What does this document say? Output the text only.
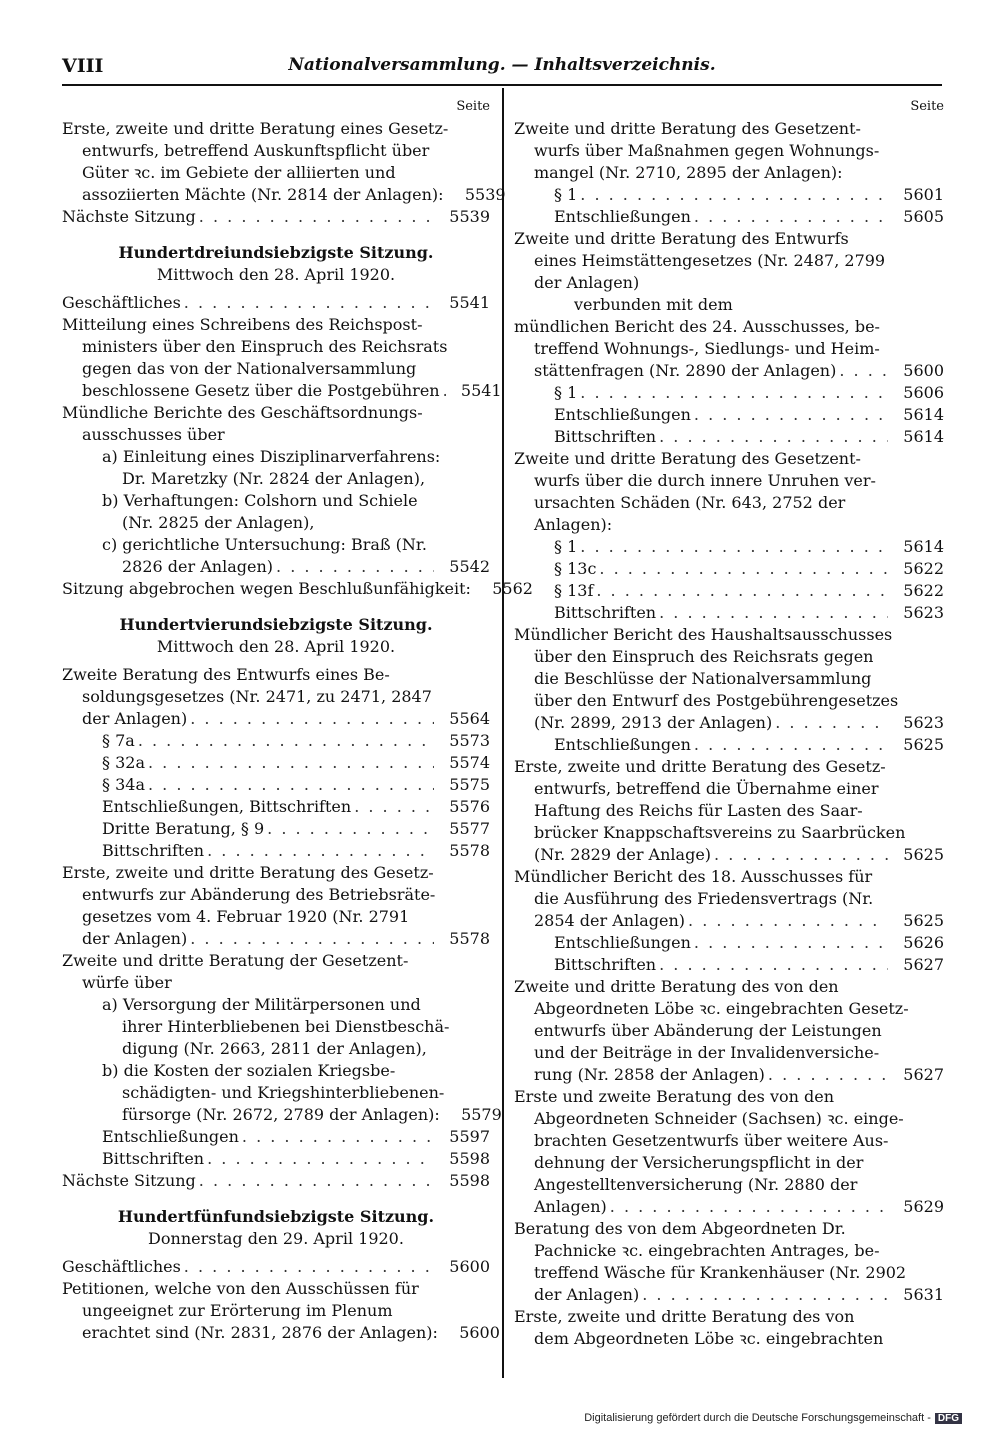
VIII	Nationalversammlung. — Inhaltsverzeichnis.
Seite
Erste, zweite und dritte Beratung eines Gesetz-
entwurfs, betreffend Auskunftspflicht über
Güter ꝛc. im Gebiete der alliierten und
assoziierten Mächte (Nr. 2814 der Anlagen):	5539
Nächste Sitzung . . .	5539
Hundertdreiundsiebzigste Sitzung.
Mittwoch den 28. April 1920.
Geschäftliches . . .	5541
Mitteilung eines Schreibens des Reichspost-
ministers über den Einspruch des Reichsrats
gegen das von der Nationalversammlung
beschlossene Gesetz über die Postgebühren . . .	5541
Mündliche Berichte des Geschäftsordnungs-
ausschusses über
a) Einleitung eines Disziplinarverfahrens:
Dr. Maretzky (Nr. 2824 der Anlagen),
b) Verhaftungen: Colshorn und Schiele
(Nr. 2825 der Anlagen),
c) gerichtliche Untersuchung: Braß (Nr.
2826 der Anlagen) . . .	5542
Sitzung abgebrochen wegen Beschlußunfähigkeit:	5562
Hundertvierundsiebzigste Sitzung.
Mittwoch den 28. April 1920.
Zweite Beratung des Entwurfs eines Be-
soldungsgesetzes (Nr. 2471, zu 2471, 2847
der Anlagen) . . .	5564
§ 7a . . .	5573
§ 32a . . .	5574
§ 34a . . .	5575
Entschließungen, Bittschriften . . .	5576
Dritte Beratung, § 9 . . .	5577
Bittschriften . . .	5578
Erste, zweite und dritte Beratung des Gesetz-
entwurfs zur Abänderung des Betriebsräte-
gesetzes vom 4. Februar 1920 (Nr. 2791
der Anlagen) . . .	5578
Zweite und dritte Beratung der Gesetzent-
würfe über
a) Versorgung der Militärpersonen und
ihrer Hinterbliebenen bei Dienstbeschä-
digung (Nr. 2663, 2811 der Anlagen),
b) die Kosten der sozialen Kriegsbe-
schädigten- und Kriegshinterbliebenen-
fürsorge (Nr. 2672, 2789 der Anlagen):	5579
Entschließungen . . .	5597
Bittschriften . . .	5598
Nächste Sitzung . . .	5598
Hundertfünfundsiebzigste Sitzung.
Donnerstag den 29. April 1920.
Geschäftliches . . .	5600
Petitionen, welche von den Ausschüssen für
ungeeignet zur Erörterung im Plenum
erachtet sind (Nr. 2831, 2876 der Anlagen):	5600
Seite
Zweite und dritte Beratung des Gesetzent-
wurfs über Maßnahmen gegen Wohnungs-
mangel (Nr. 2710, 2895 der Anlagen):
§ 1 . . .	5601
Entschließungen . . .	5605
Zweite und dritte Beratung des Entwurfs
eines Heimstättengesetzes (Nr. 2487, 2799
der Anlagen)
verbunden mit dem
mündlichen Bericht des 24. Ausschusses, be-
treffend Wohnungs-, Siedlungs- und Heim-
stättenfragen (Nr. 2890 der Anlagen) . . .	5600
§ 1 . . .	5606
Entschließungen . . .	5614
Bittschriften . . .	5614
Zweite und dritte Beratung des Gesetzent-
wurfs über die durch innere Unruhen ver-
ursachten Schäden (Nr. 643, 2752 der
Anlagen):
§ 1 . . .	5614
§ 13c . . .	5622
§ 13f . . .	5622
Bittschriften . . .	5623
Mündlicher Bericht des Haushaltsausschusses
über den Einspruch des Reichsrats gegen
die Beschlüsse der Nationalversammlung
über den Entwurf des Postgebührengesetzes
(Nr. 2899, 2913 der Anlagen) . . .	5623
Entschließungen . . .	5625
Erste, zweite und dritte Beratung des Gesetz-
entwurfs, betreffend die Übernahme einer
Haftung des Reichs für Lasten des Saar-
brücker Knappschaftsvereins zu Saarbrücken
(Nr. 2829 der Anlage) . . .	5625
Mündlicher Bericht des 18. Ausschusses für
die Ausführung des Friedensvertrags (Nr.
2854 der Anlagen) . . .	5625
Entschließungen . . .	5626
Bittschriften . . .	5627
Zweite und dritte Beratung des von den
Abgeordneten Löbe ꝛc. eingebrachten Gesetz-
entwurfs über Abänderung der Leistungen
und der Beiträge in der Invalidenversiche-
rung (Nr. 2858 der Anlagen) . . .	5627
Erste und zweite Beratung des von den
Abgeordneten Schneider (Sachsen) ꝛc. einge-
brachten Gesetzentwurfs über weitere Aus-
dehnung der Versicherungspflicht in der
Angestelltenversicherung (Nr. 2880 der
Anlagen) . . .	5629
Beratung des von dem Abgeordneten Dr.
Pachnicke ꝛc. eingebrachten Antrages, be-
treffend Wäsche für Krankenhäuser (Nr. 2902
der Anlagen) . . .	5631
Erste, zweite und dritte Beratung des von
dem Abgeordneten Löbe ꝛc. eingebrachten
Digitalisierung gefördert durch die Deutsche Forschungsgemeinschaft - DFG
